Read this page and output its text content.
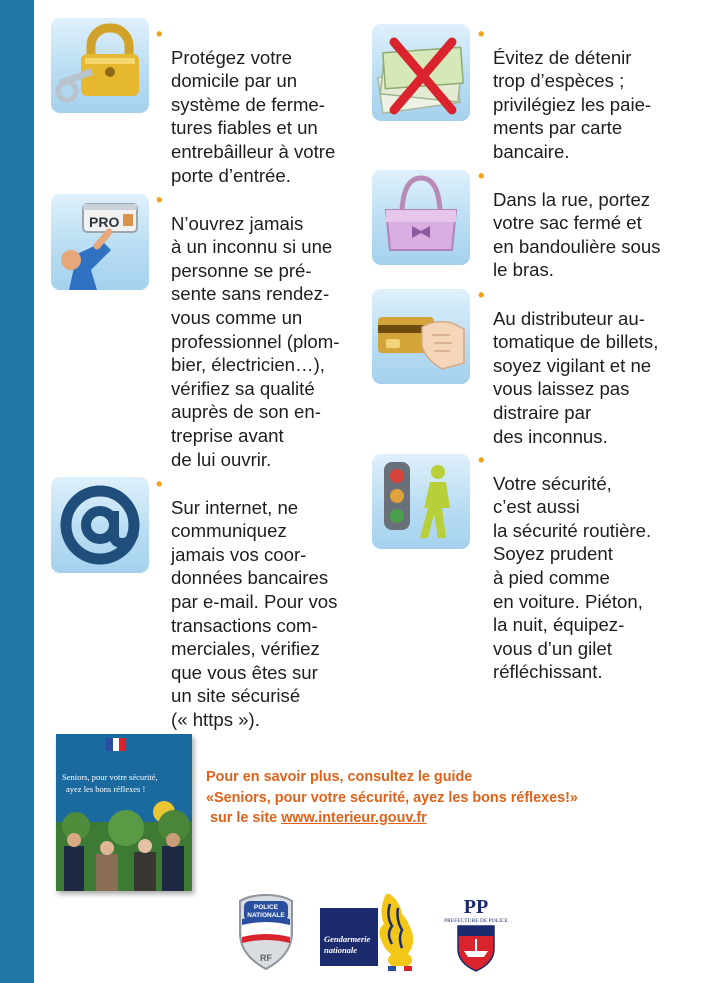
•
Protégez votre
domicile par un
système de ferme-
tures fiables et un
entrebâilleur à votre
porte d’entrée.

PRO

•
N’ouvrez jamais
à un inconnu si une
personne se pré-
sente sans rendez-
vous comme un
professionnel (plom-
bier, électricien…),
vérifiez sa qualité
auprès de son en-
treprise avant
de lui ouvrir.

•
Sur internet, ne
communiquez
jamais vos coor-
données bancaires
par e-mail. Pour vos
transactions com-
merciales, vérifiez
que vous êtes sur
un site sécurisé
(« https »).

•
Évitez de détenir
trop d’espèces ;
privilégiez les paie-
ments par carte
bancaire.

•
Dans la rue, portez
votre sac fermé et
en bandoulière sous
le bras.

•
Au distributeur au-
tomatique de billets,
soyez vigilant et ne
vous laissez pas
distraire par
des inconnus.

•
Votre sécurité,
c’est aussi
la sécurité routière.
Soyez prudent
à pied comme
en voiture. Piéton,
la nuit, équipez-
vous d’un gilet
réfléchissant.

Seniors, pour votre sécurité,
ayez les bons réflexes !
Pour en savoir plus, consultez le guide
«Seniors, pour votre sécurité, ayez les bons réflexes!»
sur le site www.interieur.gouv.fr
POLICE
NATIONALE
RF
Gendarmerie
nationale
PP
PREFECTURE DE POLICE
